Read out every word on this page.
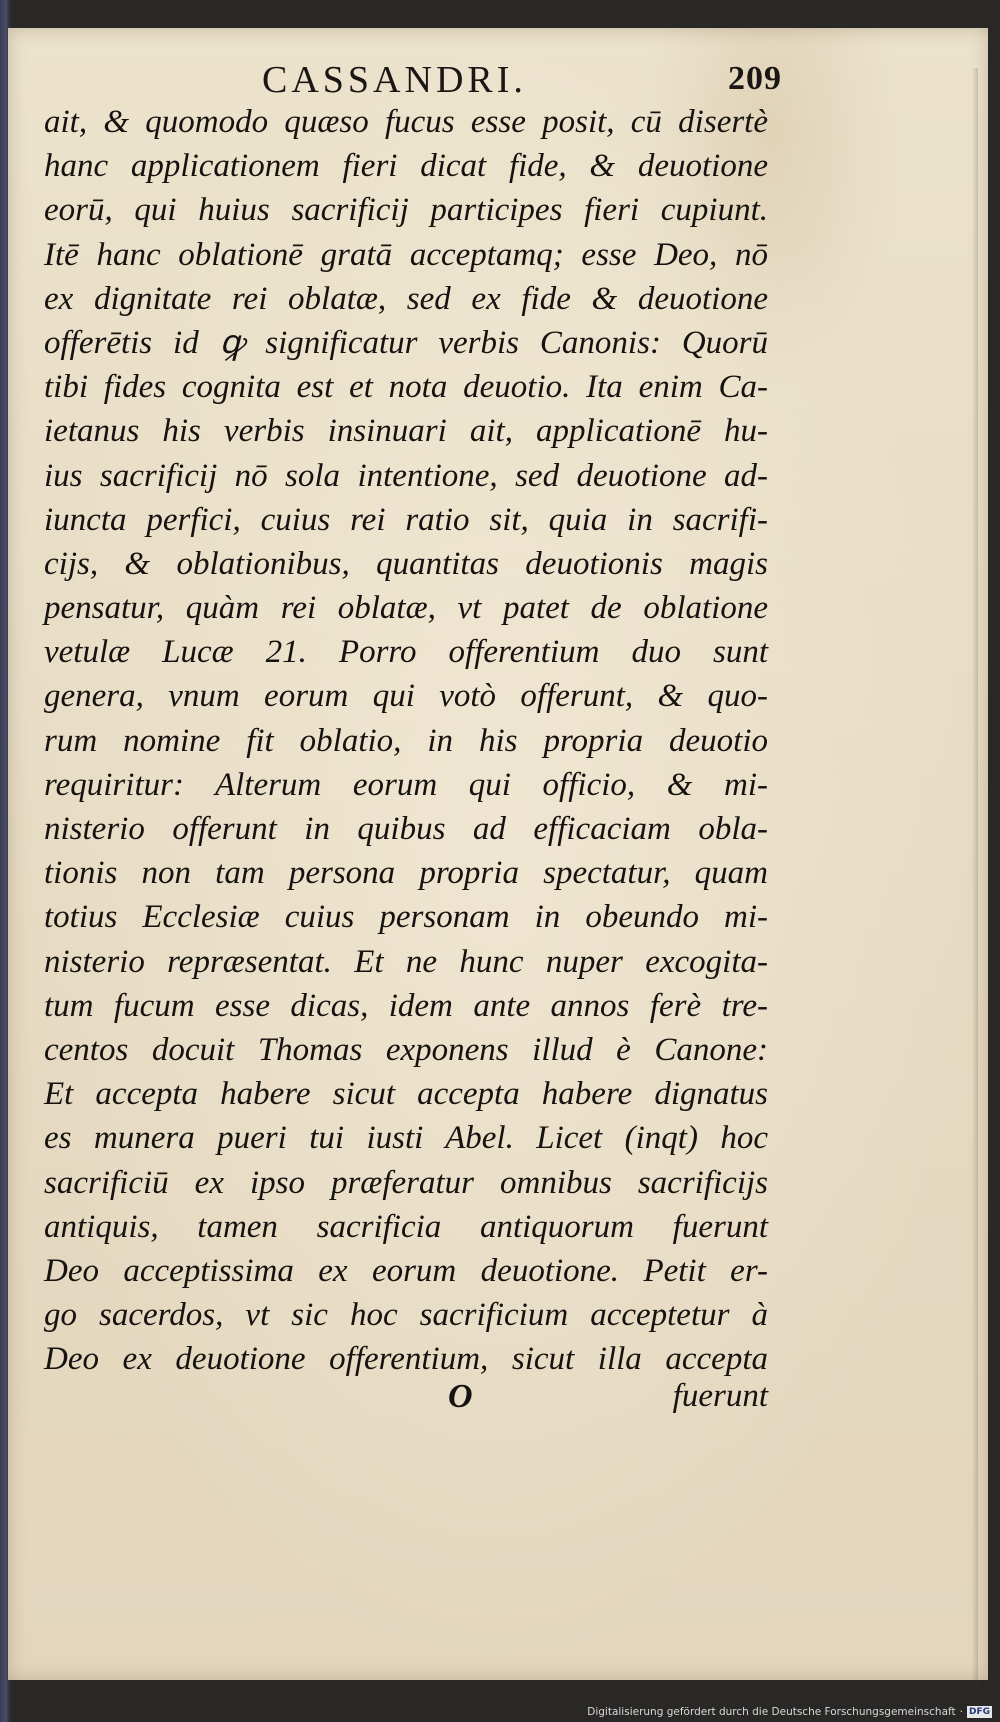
CASSANDRI.	209
ait, & quomodo quæso fucus esse posit, cū disertè
hanc applicationem fieri dicat fide, & deuotione
eorū, qui huius sacrificij participes fieri cupiunt.
Itē hanc oblationē gratā acceptamq; esse Deo, nō
ex dignitate rei oblatæ, sed ex fide & deuotione
offerētis id ꝙ significatur verbis Canonis: Quorū
tibi fides cognita est et nota deuotio. Ita enim Ca-
ietanus his verbis insinuari ait, applicationē hu-
ius sacrificij nō sola intentione, sed deuotione ad-
iuncta perfici, cuius rei ratio sit, quia in sacrifi-
cijs, & oblationibus, quantitas deuotionis magis
pensatur, quàm rei oblatæ, vt patet de oblatione
vetulæ Lucæ 21. Porro offerentium duo sunt
genera, vnum eorum qui votò offerunt, & quo-
rum nomine fit oblatio, in his propria deuotio
requiritur: Alterum eorum qui officio, & mi-
nisterio offerunt in quibus ad efficaciam obla-
tionis non tam persona propria spectatur, quam
totius Ecclesiæ cuius personam in obeundo mi-
nisterio repræsentat. Et ne hunc nuper excogita-
tum fucum esse dicas, idem ante annos ferè tre-
centos docuit Thomas exponens illud è Canone:
Et accepta habere sicut accepta habere dignatus
es munera pueri tui iusti Abel. Licet (inqt) hoc
sacrificiū ex ipso præferatur omnibus sacrificijs
antiquis, tamen sacrificia antiquorum fuerunt
Deo acceptissima ex eorum deuotione. Petit er-
go sacerdos, vt sic hoc sacrificium acceptetur à
Deo ex deuotione offerentium, sicut illa accepta
O	fuerunt
Digitalisierung gefördert durch die Deutsche Forschungsgemeinschaft · DFG
